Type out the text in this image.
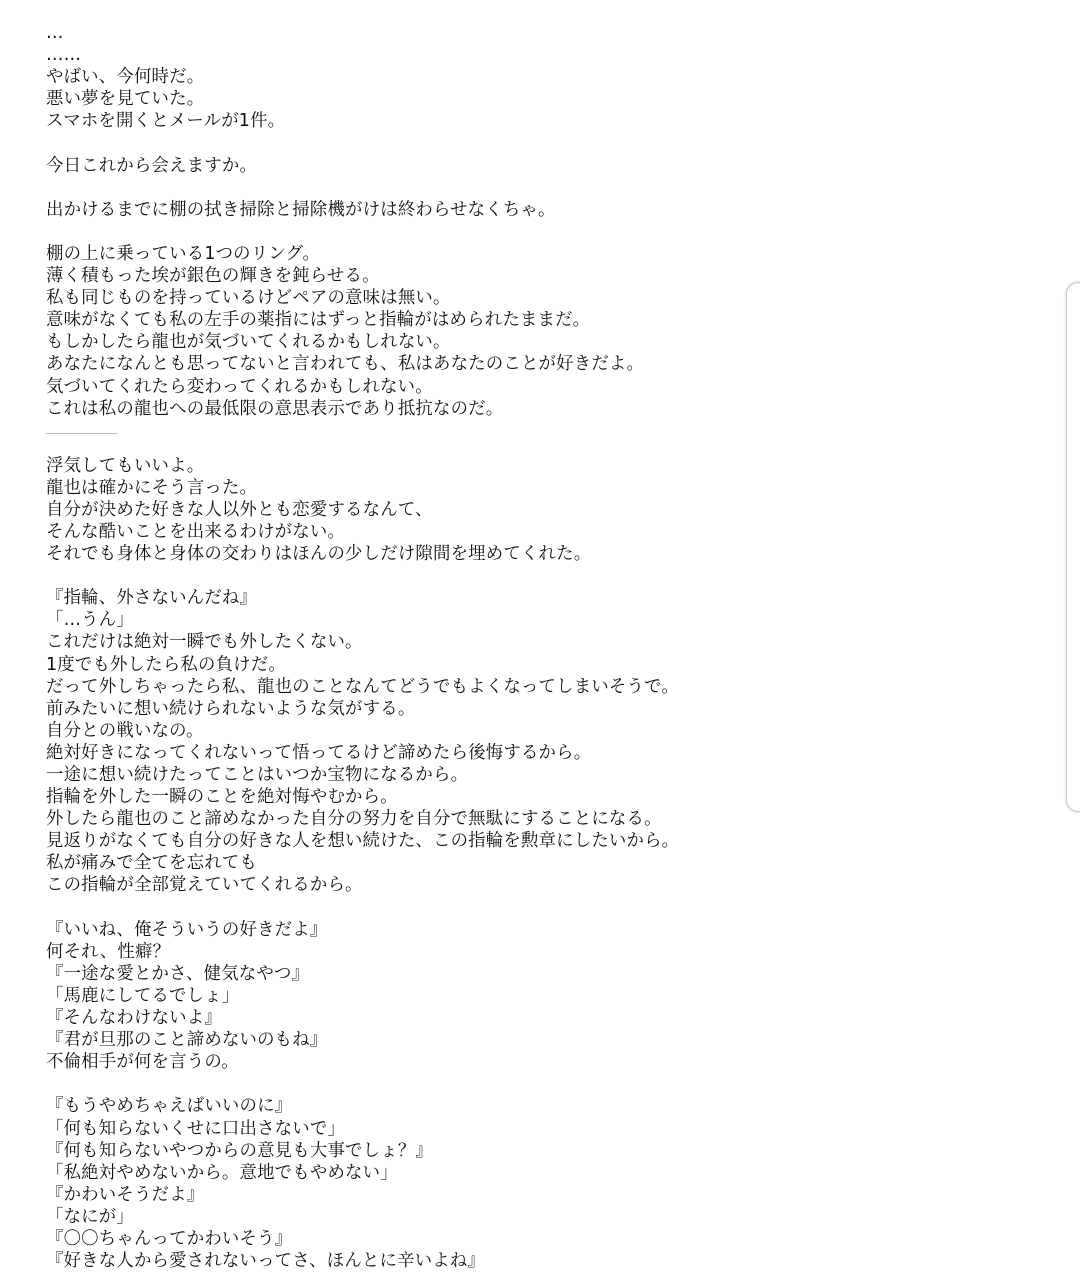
…
……
やばい、今何時だ。
悪い夢を見ていた。
スマホを開くとメールが1件。
今日これから会えますか。
出かけるまでに棚の拭き掃除と掃除機がけは終わらせなくちゃ。
棚の上に乗っている1つのリング。
薄く積もった埃が銀色の輝きを鈍らせる。
私も同じものを持っているけどペアの意味は無い。
意味がなくても私の左手の薬指にはずっと指輪がはめられたままだ。
もしかしたら龍也が気づいてくれるかもしれない。
あなたになんとも思ってないと言われても、私はあなたのことが好きだよ。
気づいてくれたら変わってくれるかもしれない。
これは私の龍也への最低限の意思表示であり抵抗なのだ。
浮気してもいいよ。
龍也は確かにそう言った。
自分が決めた好きな人以外とも恋愛するなんて、
そんな酷いことを出来るわけがない。
それでも身体と身体の交わりはほんの少しだけ隙間を埋めてくれた。
『指輪、外さないんだね』
「…うん」
これだけは絶対一瞬でも外したくない。
1度でも外したら私の負けだ。
だって外しちゃったら私、龍也のことなんてどうでもよくなってしまいそうで。
前みたいに想い続けられないような気がする。
自分との戦いなの。
絶対好きになってくれないって悟ってるけど諦めたら後悔するから。
一途に想い続けたってことはいつか宝物になるから。
指輪を外した一瞬のことを絶対悔やむから。
外したら龍也のこと諦めなかった自分の努力を自分で無駄にすることになる。
見返りがなくても自分の好きな人を想い続けた、この指輪を勲章にしたいから。
私が痛みで全てを忘れても
この指輪が全部覚えていてくれるから。
『いいね、俺そういうの好きだよ』
何それ、性癖？
『一途な愛とかさ、健気なやつ』
「馬鹿にしてるでしょ」
『そんなわけないよ』
『君が旦那のこと諦めないのもね』
不倫相手が何を言うの。
『もうやめちゃえばいいのに』
「何も知らないくせに口出さないで」
『何も知らないやつからの意見も大事でしょ？』
「私絶対やめないから。意地でもやめない」
『かわいそうだよ』
「なにが」
『〇〇ちゃんってかわいそう』
『好きな人から愛されないってさ、ほんとに辛いよね』
